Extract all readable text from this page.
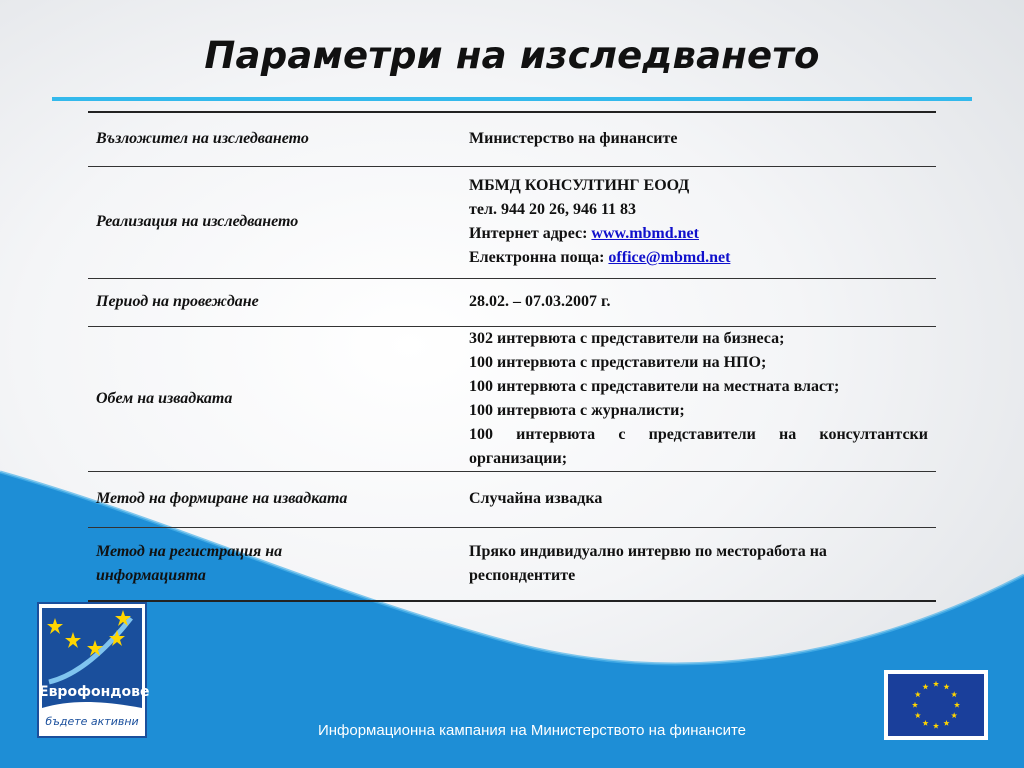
Параметри на изследването
Възложител на изследването	Министерство на финансите
Реализация на изследването	МБМД КОНСУЛТИНГ ЕООД
тел. 944 20 26, 946 11 83
Интернет адрес: www.mbmd.net
Електронна поща: office@mbmd.net

Период на провеждане	28.02. – 07.03.2007 г.
Обем на извадката	302 интервюта с представители на бизнеса;
100 интервюта с представители на НПО;
100 интервюта с представители на местната власт;
100 интервюта с журналисти;
100 интервюта с представители на консултантски организации;
Метод на формиране на извадката	Случайна извадка

Метод на регистрация на
информацията	Пряко индивидуално интервю по месторабота на
респондентите
Еврофондове
бъдете активни
Информационна кампания на Министерството на финансите
